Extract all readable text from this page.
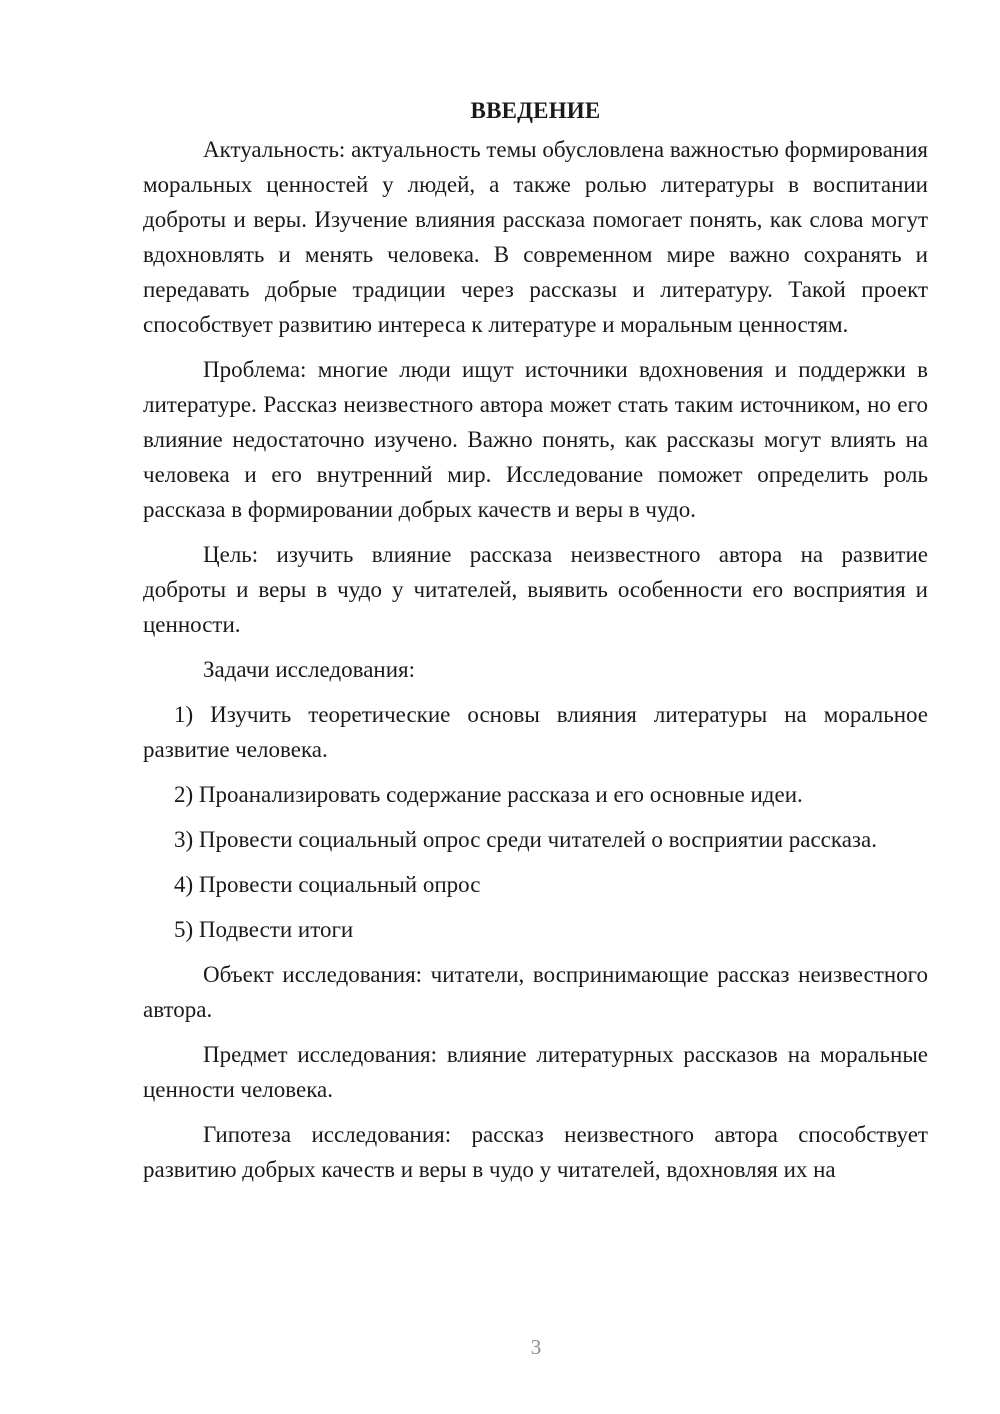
ВВЕДЕНИЕ

Актуальность: актуальность темы обусловлена важностью формирования моральных ценностей у людей, а также ролью литературы в воспитании доброты и веры. Изучение влияния рассказа помогает понять, как слова могут вдохновлять и менять человека. В современном мире важно сохранять и передавать добрые традиции через рассказы и литературу. Такой проект способствует развитию интереса к литературе и моральным ценностям.

Проблема: многие люди ищут источники вдохновения и поддержки в литературе. Рассказ неизвестного автора может стать таким источником, но его влияние недостаточно изучено. Важно понять, как рассказы могут влиять на человека и его внутренний мир. Исследование поможет определить роль рассказа в формировании добрых качеств и веры в чудо.

Цель: изучить влияние рассказа неизвестного автора на развитие доброты и веры в чудо у читателей, выявить особенности его восприятия и ценности.

Задачи исследования:

1) Изучить теоретические основы влияния литературы на моральное развитие человека.

2) Проанализировать содержание рассказа и его основные идеи.

3) Провести социальный опрос среди читателей о восприятии рассказа.

4) Провести социальный опрос

5) Подвести итоги

Объект исследования: читатели, воспринимающие рассказ неизвестного автора.

Предмет исследования: влияние литературных рассказов на моральные ценности человека.

Гипотеза исследования: рассказ неизвестного автора способствует развитию добрых качеств и веры в чудо у читателей, вдохновляя их на

3
